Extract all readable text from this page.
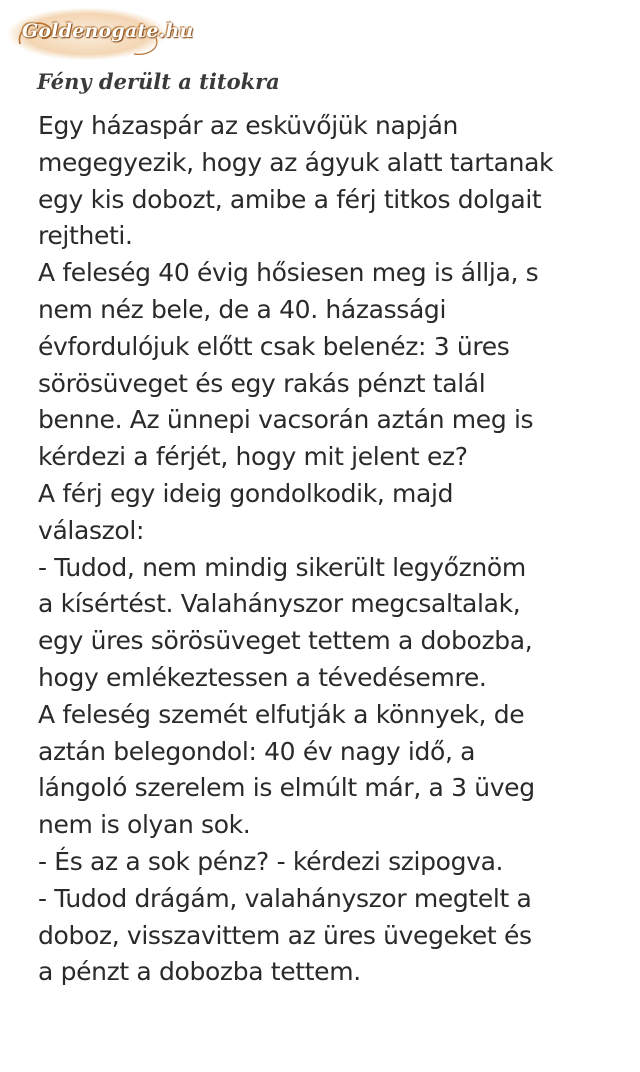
Goldenogate.hu
Fény derült a titokra
Egy házaspár az esküvőjük napján
megegyezik, hogy az ágyuk alatt tartanak
egy kis dobozt, amibe a férj titkos dolgait
rejtheti.
A feleség 40 évig hősiesen meg is állja, s
nem néz bele, de a 40. házassági
évfordulójuk előtt csak belenéz: 3 üres
sörösüveget és egy rakás pénzt talál
benne. Az ünnepi vacsorán aztán meg is
kérdezi a férjét, hogy mit jelent ez?
A férj egy ideig gondolkodik, majd
válaszol:
- Tudod, nem mindig sikerült legyőznöm
a kísértést. Valahányszor megcsaltalak,
egy üres sörösüveget tettem a dobozba,
hogy emlékeztessen a tévedésemre.
A feleség szemét elfutják a könnyek, de
aztán belegondol: 40 év nagy idő, a
lángoló szerelem is elmúlt már, a 3 üveg
nem is olyan sok.
- És az a sok pénz? - kérdezi szipogva.
- Tudod drágám, valahányszor megtelt a
doboz, visszavittem az üres üvegeket és
a pénzt a dobozba tettem.
